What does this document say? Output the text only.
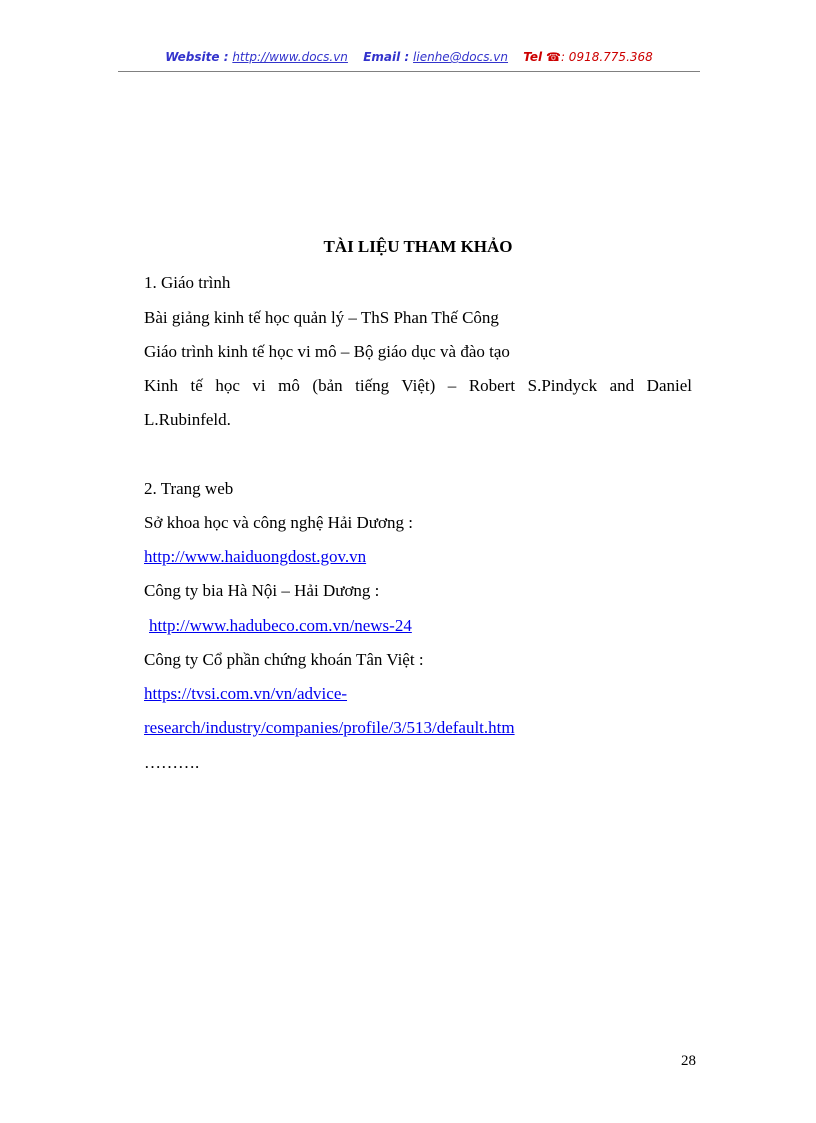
Website : http://www.docs.vn Email : lienhe@docs.vn Tel ☎: 0918.775.368
TÀI LIỆU THAM KHẢO
1. Giáo trình
Bài giảng kinh tế học quản lý – ThS Phan Thế Công
Giáo trình kinh tế học vi mô – Bộ giáo dục và đào tạo
Kinh tế học vi mô (bản tiếng Việt) – Robert S.Pindyck and Daniel
L.Rubinfeld.
2. Trang web
Sở khoa học và công nghệ Hải Dương :
http://www.haiduongdost.gov.vn
Công ty bia Hà Nội – Hải Dương :
http://www.hadubeco.com.vn/news-24
Công ty Cổ phần chứng khoán Tân Việt :
https://tvsi.com.vn/vn/advice-
research/industry/companies/profile/3/513/default.htm
……….
28
